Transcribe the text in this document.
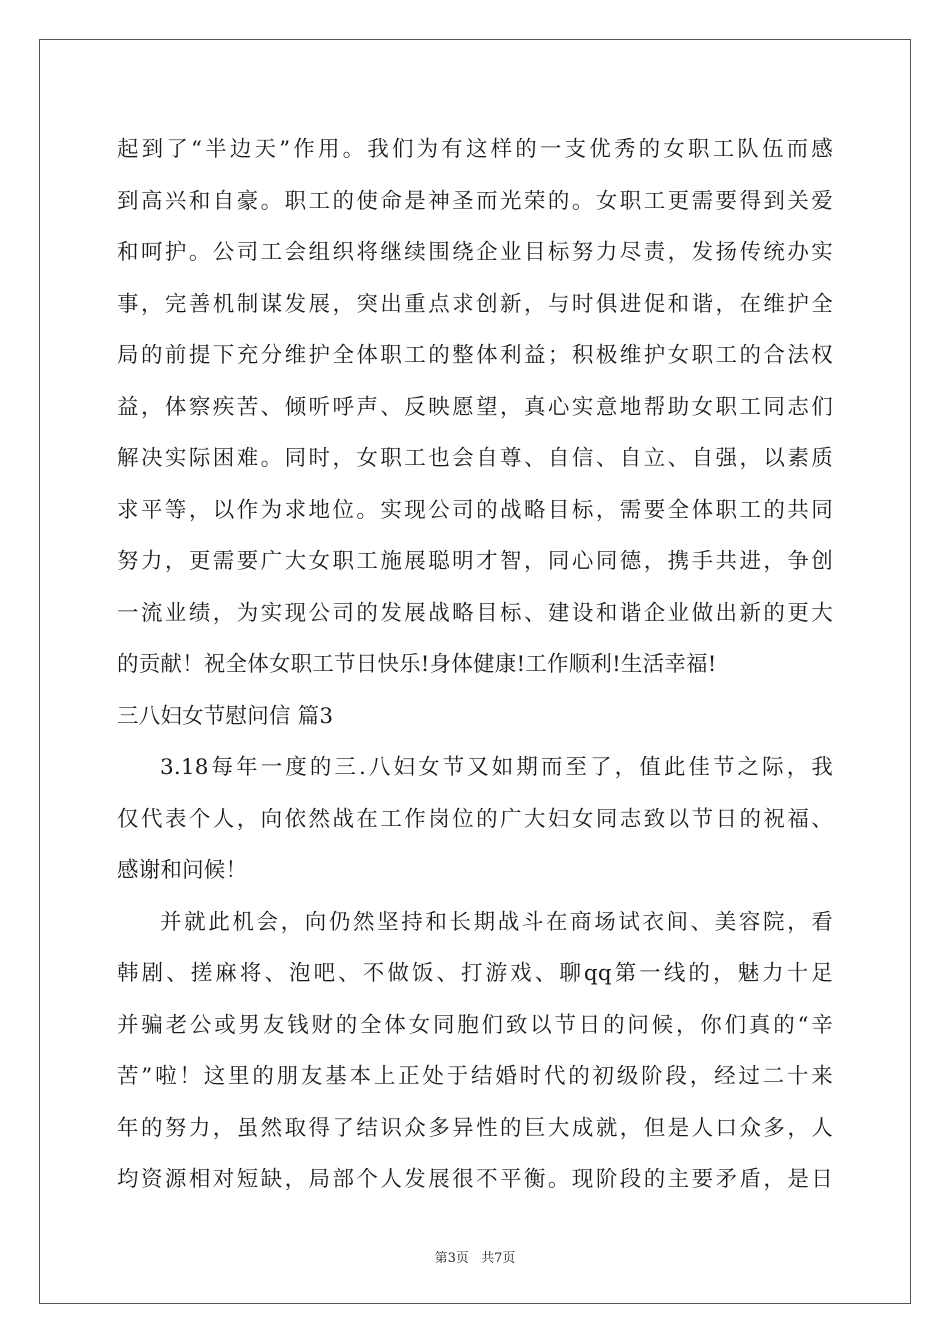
起到了“半边天”作用。我们为有这样的一支优秀的女职工队伍而感
到高兴和自豪。职工的使命是神圣而光荣的。女职工更需要得到关爱
和呵护。公司工会组织将继续围绕企业目标努力尽责，发扬传统办实
事，完善机制谋发展，突出重点求创新，与时俱进促和谐，在维护全
局的前提下充分维护全体职工的整体利益；积极维护女职工的合法权
益，体察疾苦、倾听呼声、反映愿望，真心实意地帮助女职工同志们
解决实际困难。同时，女职工也会自尊、自信、自立、自强，以素质
求平等，以作为求地位。实现公司的战略目标，需要全体职工的共同
努力，更需要广大女职工施展聪明才智，同心同德，携手共进，争创
一流业绩，为实现公司的发展战略目标、建设和谐企业做出新的更大
的贡献！祝全体女职工节日快乐!身体健康!工作顺利!生活幸福!
三八妇女节慰问信 篇3
3.18每年一度的三.八妇女节又如期而至了，值此佳节之际，我
仅代表个人，向依然战在工作岗位的广大妇女同志致以节日的祝福、
感谢和问候！
并就此机会，向仍然坚持和长期战斗在商场试衣间、美容院，看
韩剧、搓麻将、泡吧、不做饭、打游戏、聊qq第一线的，魅力十足
并骗老公或男友钱财的全体女同胞们致以节日的问候，你们真的“辛
苦”啦！这里的朋友基本上正处于结婚时代的初级阶段，经过二十来
年的努力，虽然取得了结识众多异性的巨大成就，但是人口众多，人
均资源相对短缺，局部个人发展很不平衡。现阶段的主要矛盾，是日
第3页 共7页
